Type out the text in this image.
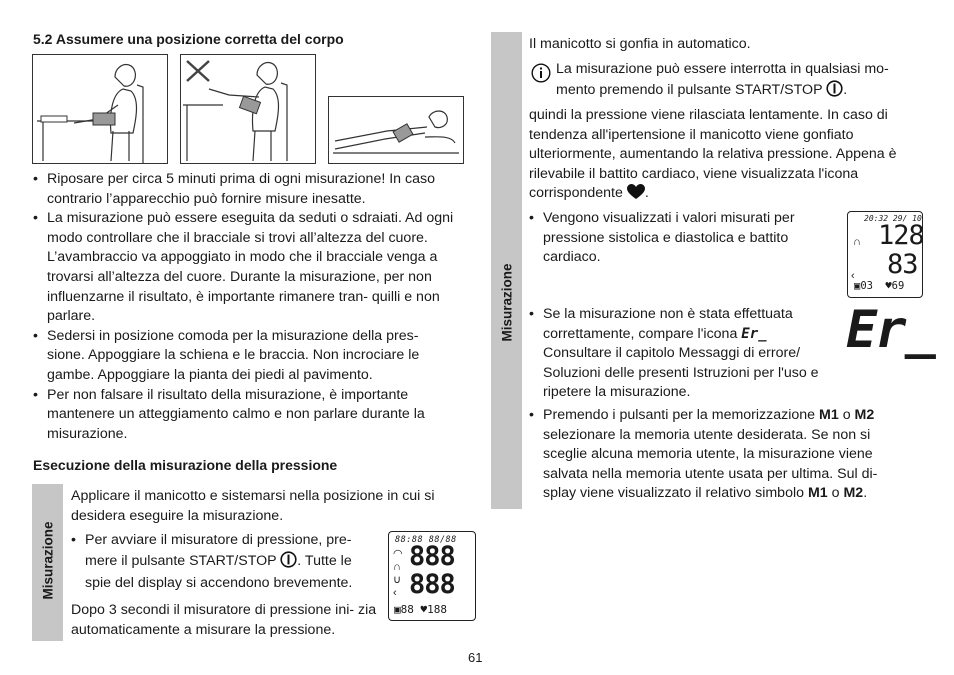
5.2 Assumere una posizione corretta del corpo
• Riposare per circa 5 minuti prima di ogni misurazione! In caso contrario l’apparecchio può fornire misure inesatte.
• La misurazione può essere eseguita da seduti o sdraiati. Ad ogni modo controllare che il bracciale si trovi all’altezza del cuore. L’avambraccio va appoggiato in modo che il bracciale venga a trovarsi all’altezza del cuore. Durante la misurazione, per non influenzarne il risultato, è importante rimanere tran- quilli e non parlare.
• Sedersi in posizione comoda per la misurazione della pres- sione. Appoggiare la schiena e le braccia. Non incrociare le gambe. Appoggiare la pianta dei piedi al pavimento.
• Per non falsare il risultato della misurazione, è importante mantenere un atteggiamento calmo e non parlare durante la misurazione.
Esecuzione della misurazione della pressione
Misurazione

Applicare il manicotto e sistemarsi nella posizione in cui si desidera eseguire la misurazione.

• Per avviare il misuratore di pressione, pre- mere il pulsante START/STOP . Tutte le spie del display si accendono brevemente.

Dopo 3 secondi il misuratore di pressione ini- zia automaticamente a misurare la pressione.

88:88 88/88
◠
∩
∪
‹
888
888
▣88 ♥188
Misurazione

Il manicotto si gonfia in automatico.

La misurazione può essere interrotta in qualsiasi mo- mento premendo il pulsante START/STOP .

quindi la pressione viene rilasciata lentamente. In caso di tendenza all'ipertensione il manicotto viene gonfiato ulteriormente, aumentando la relativa pressione. Appena è rilevabile il battito cardiaco, viene visualizzata l'icona corrispondente .

• Vengono visualizzati i valori misurati per pressione sistolica e diastolica e battito cardiaco.
20:32 29/ 10
∩
‹
128
83
▣03 ♥69
• Se la misurazione non è stata effettuata correttamente, compare l'icona Er_ Consultare il capitolo Messaggi di errore/ Soluzioni delle presenti Istruzioni per l'uso e ripetere la misurazione.
• Premendo i pulsanti per la memorizzazione M1 o M2 selezionare la memoria utente desiderata. Se non si sceglie alcuna memoria utente, la misurazione viene salvata nella memoria utente usata per ultima. Sul di- splay viene visualizzato il relativo simbolo M1 o M2.
Er_
61
